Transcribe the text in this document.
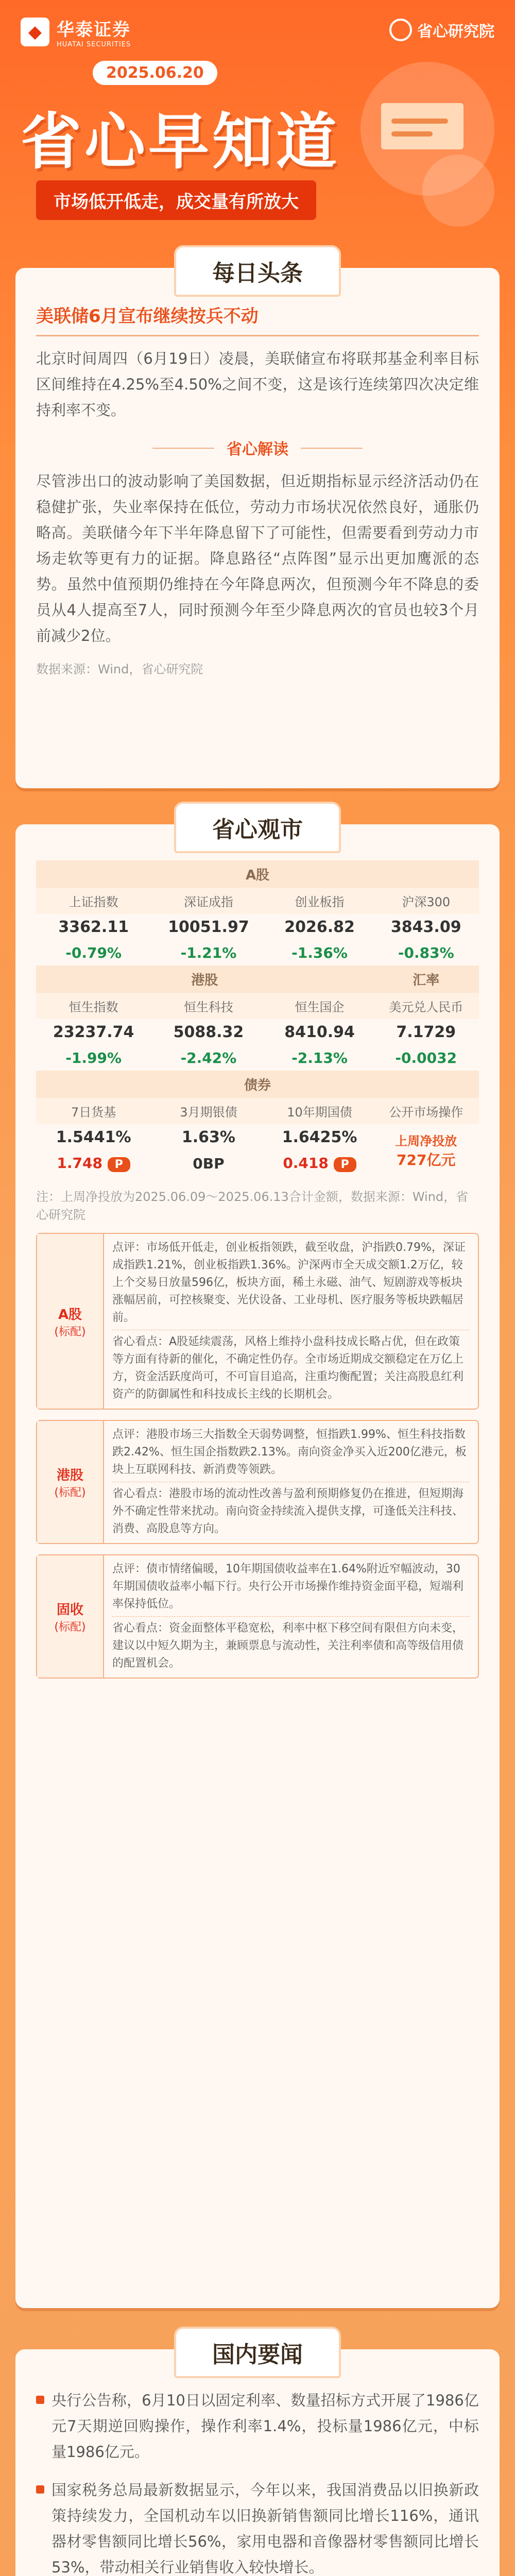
◆ 华泰证券
HUATAI SECURITIES
省心研究院
2025.06.20
省心早知道
市场低开低走，成交量有所放大
每日头条
美联储6月宣布继续按兵不动
北京时间周四（6月19日）凌晨，美联储宣布将联邦基金利率目标区间维持在4.25%至4.50%之间不变，这是该行连续第四次决定维持利率不变。
省心解读
尽管涉出口的波动影响了美国数据，但近期指标显示经济活动仍在稳健扩张，失业率保持在低位，劳动力市场状况依然良好，通胀仍略高。美联储今年下半年降息留下了可能性，但需要看到劳动力市场走软等更有力的证据。降息路径“点阵图”显示出更加鹰派的态势。虽然中值预期仍维持在今年降息两次，但预测今年不降息的委员从4人提高至7人，同时预测今年至少降息两次的官员也较3个月前减少2位。
数据来源：Wind，省心研究院
省心观市
A股			
上证指数	深证成指	创业板指	沪深300
3362.11	10051.97	2026.82	3843.09
-0.79%	-1.21%	-1.36%	-0.83%
港股			汇率
恒生指数	恒生科技	恒生国企	美元兑人民币
23237.74	5088.32	8410.94	7.1729
-1.99%	-2.42%	-2.13%	-0.0032
债券			
7日货基	3月期银债	10年期国债	公开市场操作
1.5441%	1.63%	1.6425%	上周净投放
727亿元

1.748 P	0BP	0.418 P	
注：上周净投放为2025.06.09～2025.06.13合计金额，数据来源：Wind，省心研究院
A股
(标配)

点评：市场低开低走，创业板指领跌，截至收盘，沪指跌0.79%，深证成指跌1.21%，创业板指跌1.36%。沪深两市全天成交额1.2万亿，较上个交易日放量596亿，板块方面，稀土永磁、油气、短剧游戏等板块涨幅居前，可控核聚变、光伏设备、工业母机、医疗服务等板块跌幅居前。

省心看点：A股延续震荡，风格上维持小盘科技成长略占优，但在政策等方面有待新的催化，不确定性仍存。全市场近期成交额稳定在万亿上方，资金活跃度尚可，不可盲目追高，注重均衡配置；关注高股息红利资产的防御属性和科技成长主线的长期机会。

港股
(标配)

点评：港股市场三大指数全天弱势调整，恒指跌1.99%、恒生科技指数跌2.42%、恒生国企指数跌2.13%。南向资金净买入近200亿港元，板块上互联网科技、新消费等领跌。

省心看点：港股市场的流动性改善与盈利预期修复仍在推进，但短期海外不确定性带来扰动。南向资金持续流入提供支撑，可逢低关注科技、消费、高股息等方向。

固收
(标配)

点评：债市情绪偏暖，10年期国债收益率在1.64%附近窄幅波动，30年期国债收益率小幅下行。央行公开市场操作维持资金面平稳，短端利率保持低位。

省心看点：资金面整体平稳宽松，利率中枢下移空间有限但方向未变，建议以中短久期为主，兼顾票息与流动性，关注利率债和高等级信用债的配置机会。

国内要闻
央行公告称，6月10日以固定利率、数量招标方式开展了1986亿元7天期逆回购操作，操作利率1.4%，投标量1986亿元，中标量1986亿元。
国家税务总局最新数据显示，今年以来，我国消费品以旧换新政策持续发力，全国机动车以旧换新销售额同比增长116%，通讯器材零售额同比增长56%，家用电器和音像器材零售额同比增长53%，带动相关行业销售收入较快增长。
